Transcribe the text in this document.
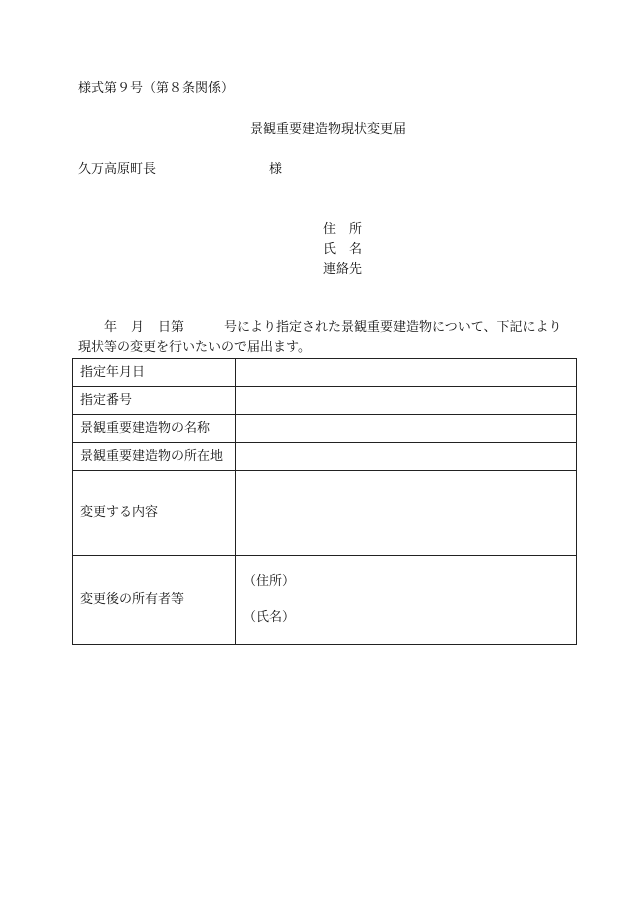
様式第９号（第８条関係）
景観重要建造物現状変更届
久万高原町長	様
住　所
氏　名
連絡先
年 月 日第	号により指定された景観重要建造物について、下記により
現状等の変更を行いたいので届出ます。
指定年月日	
指定番号	
景観重要建造物の名称	
景観重要建造物の所在地	
変更する内容	
変更後の所有者等	（住所）
（氏名）
